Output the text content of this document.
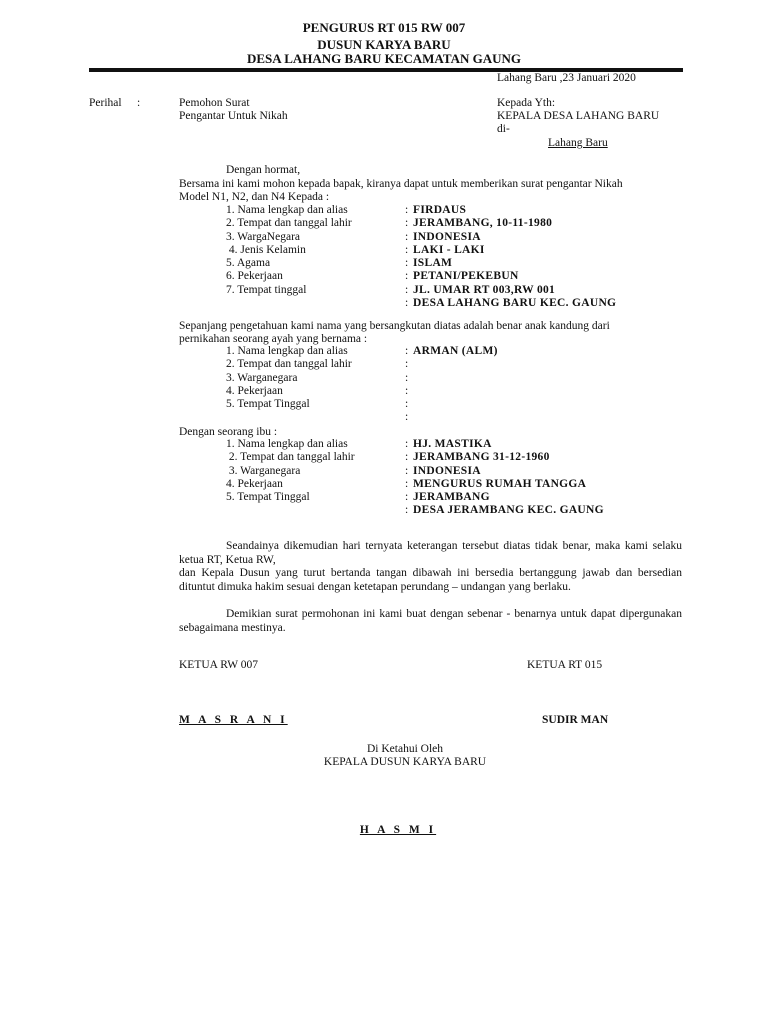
PENGURUS RT 015 RW 007
DUSUN KARYA BARU
DESA LAHANG BARU KECAMATAN GAUNG
Lahang Baru ,23 Januari 2020
Perihal :	Pemohon Surat
Pengantar Untuk Nikah
Kepada Yth:
KEPALA DESA LAHANG BARU
di-
Lahang Baru
Dengan hormat,
Bersama ini kami mohon kepada bapak, kiranya dapat untuk memberikan surat pengantar Nikah
Model N1, N2, dan N4 Kepada :
1. Nama lengkap dan alias	: FIRDAUS
2. Tempat dan tanggal lahir	: JERAMBANG, 10-11-1980
3. WargaNegara	: INDONESIA
4. Jenis Kelamin	: LAKI - LAKI
5. Agama	: ISLAM
6. Pekerjaan	: PETANI/PEKEBUN
7. Tempat tinggal	: JL. UMAR RT 003,RW 001
: DESA LAHANG BARU KEC. GAUNG
Sepanjang pengetahuan kami nama yang bersangkutan diatas adalah benar anak kandung dari
pernikahan seorang ayah yang bernama :
1. Nama lengkap dan alias	: ARMAN (ALM)
2. Tempat dan tanggal lahir	:
3. Warganegara	:
4. Pekerjaan	:
5. Tempat Tinggal	:
:
Dengan seorang ibu :
1. Nama lengkap dan alias	: HJ. MASTIKA
2. Tempat dan tanggal lahir	: JERAMBANG 31-12-1960
3. Warganegara	: INDONESIA
4. Pekerjaan	: MENGURUS RUMAH TANGGA
5. Tempat Tinggal	: JERAMBANG
: DESA JERAMBANG KEC. GAUNG

Seandainya dikemudian hari ternyata keterangan tersebut diatas tidak benar, maka kami selaku ketua RT, Ketua RW,

dan Kepala Dusun yang turut bertanda tangan dibawah ini bersedia bertanggung jawab dan bersedian dituntut dimuka hakim sesuai dengan ketetapan perundang – undangan yang berlaku.

Demikian surat permohonan ini kami buat dengan sebenar - benarnya untuk dapat dipergunakan sebagaimana mestinya.

KETUA RW 007	KETUA RT 015
M A S R A N I	SUDIR MAN
Di Ketahui Oleh
KEPALA DUSUN KARYA BARU
H A S M I
